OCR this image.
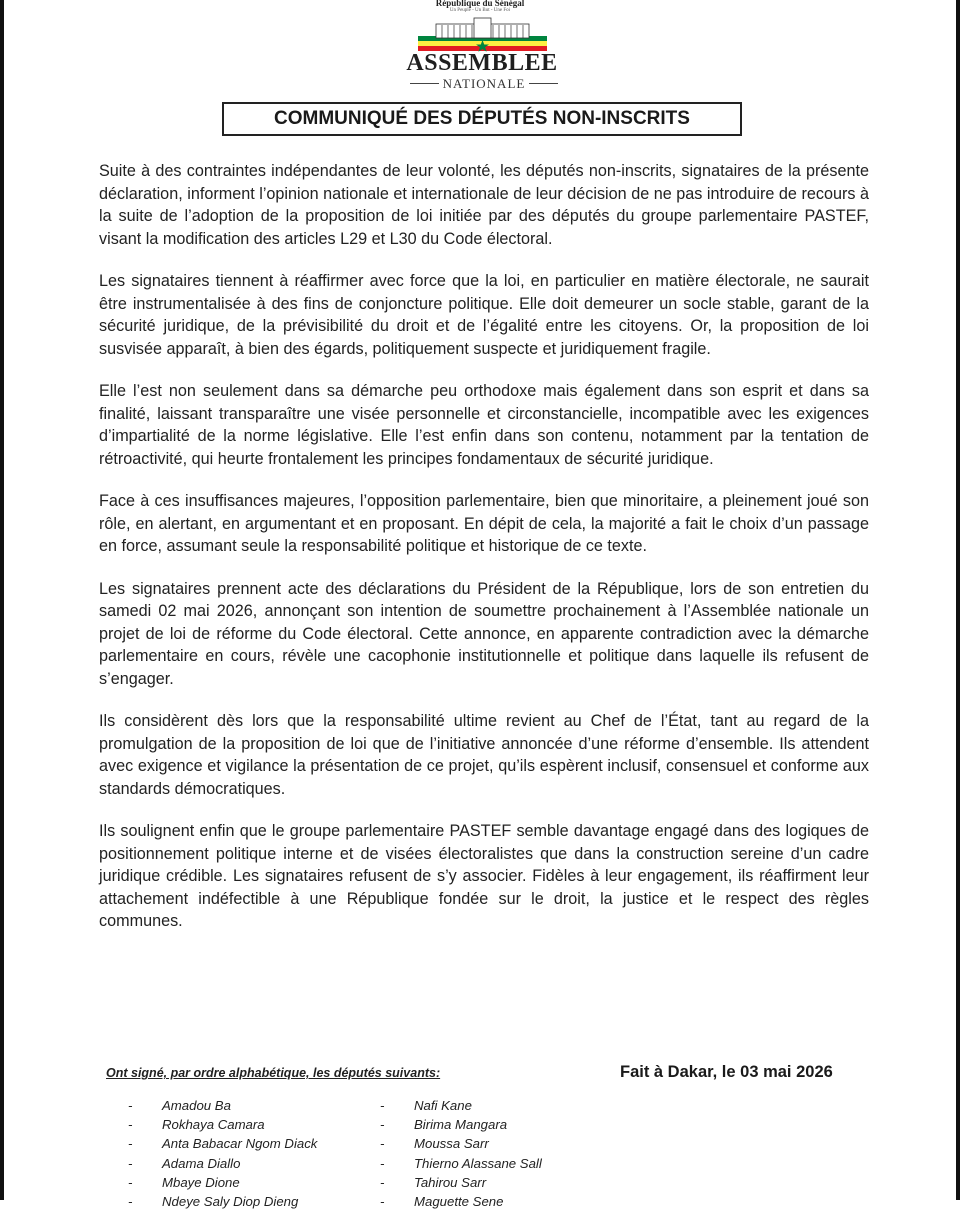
République du Sénégal
Un Peuple - Un But - Une Foi
ASSEMBLEE
NATIONALE
COMMUNIQUÉ DES DÉPUTÉS NON-INSCRITS

Suite à des contraintes indépendantes de leur volonté, les députés non-inscrits, signataires de la présente déclaration, informent l’opinion nationale et internationale de leur décision de ne pas introduire de recours à la suite de l’adoption de la proposition de loi initiée par des députés du groupe parlementaire PASTEF, visant la modification des articles L29 et L30 du Code électoral.

Les signataires tiennent à réaffirmer avec force que la loi, en particulier en matière électorale, ne saurait être instrumentalisée à des fins de conjoncture politique. Elle doit demeurer un socle stable, garant de la sécurité juridique, de la prévisibilité du droit et de l’égalité entre les citoyens. Or, la proposition de loi susvisée apparaît, à bien des égards, politiquement suspecte et juridiquement fragile.

Elle l’est non seulement dans sa démarche peu orthodoxe mais également dans son esprit et dans sa finalité, laissant transparaître une visée personnelle et circonstancielle, incompatible avec les exigences d’impartialité de la norme législative. Elle l’est enfin dans son contenu, notamment par la tentation de rétroactivité, qui heurte frontalement les principes fondamentaux de sécurité juridique.

Face à ces insuffisances majeures, l’opposition parlementaire, bien que minoritaire, a pleinement joué son rôle, en alertant, en argumentant et en proposant. En dépit de cela, la majorité a fait le choix d’un passage en force, assumant seule la responsabilité politique et historique de ce texte.

Les signataires prennent acte des déclarations du Président de la République, lors de son entretien du samedi 02 mai 2026, annonçant son intention de soumettre prochainement à l’Assemblée nationale un projet de loi de réforme du Code électoral. Cette annonce, en apparente contradiction avec la démarche parlementaire en cours, révèle une cacophonie institutionnelle et politique dans laquelle ils refusent de s’engager.

Ils considèrent dès lors que la responsabilité ultime revient au Chef de l’État, tant au regard de la promulgation de la proposition de loi que de l’initiative annoncée d’une réforme d’ensemble. Ils attendent avec exigence et vigilance la présentation de ce projet, qu’ils espèrent inclusif, consensuel et conforme aux standards démocratiques.

Ils soulignent enfin que le groupe parlementaire PASTEF semble davantage engagé dans des logiques de positionnement politique interne et de visées électoralistes que dans la construction sereine d’un cadre juridique crédible. Les signataires refusent de s’y associer. Fidèles à leur engagement, ils réaffirment leur attachement indéfectible à une République fondée sur le droit, la justice et le respect des règles communes.

Ont signé, par ordre alphabétique, les députés suivants:	Fait à Dakar, le 03 mai 2026
-	Amadou Ba
-	Rokhaya Camara
-	Anta Babacar Ngom Diack
-	Adama Diallo
-	Mbaye Dione
-	Ndeye Saly Diop Dieng
-	Nafi Kane
-	Birima Mangara
-	Moussa Sarr
-	Thierno Alassane Sall
-	Tahirou Sarr
-	Maguette Sene
